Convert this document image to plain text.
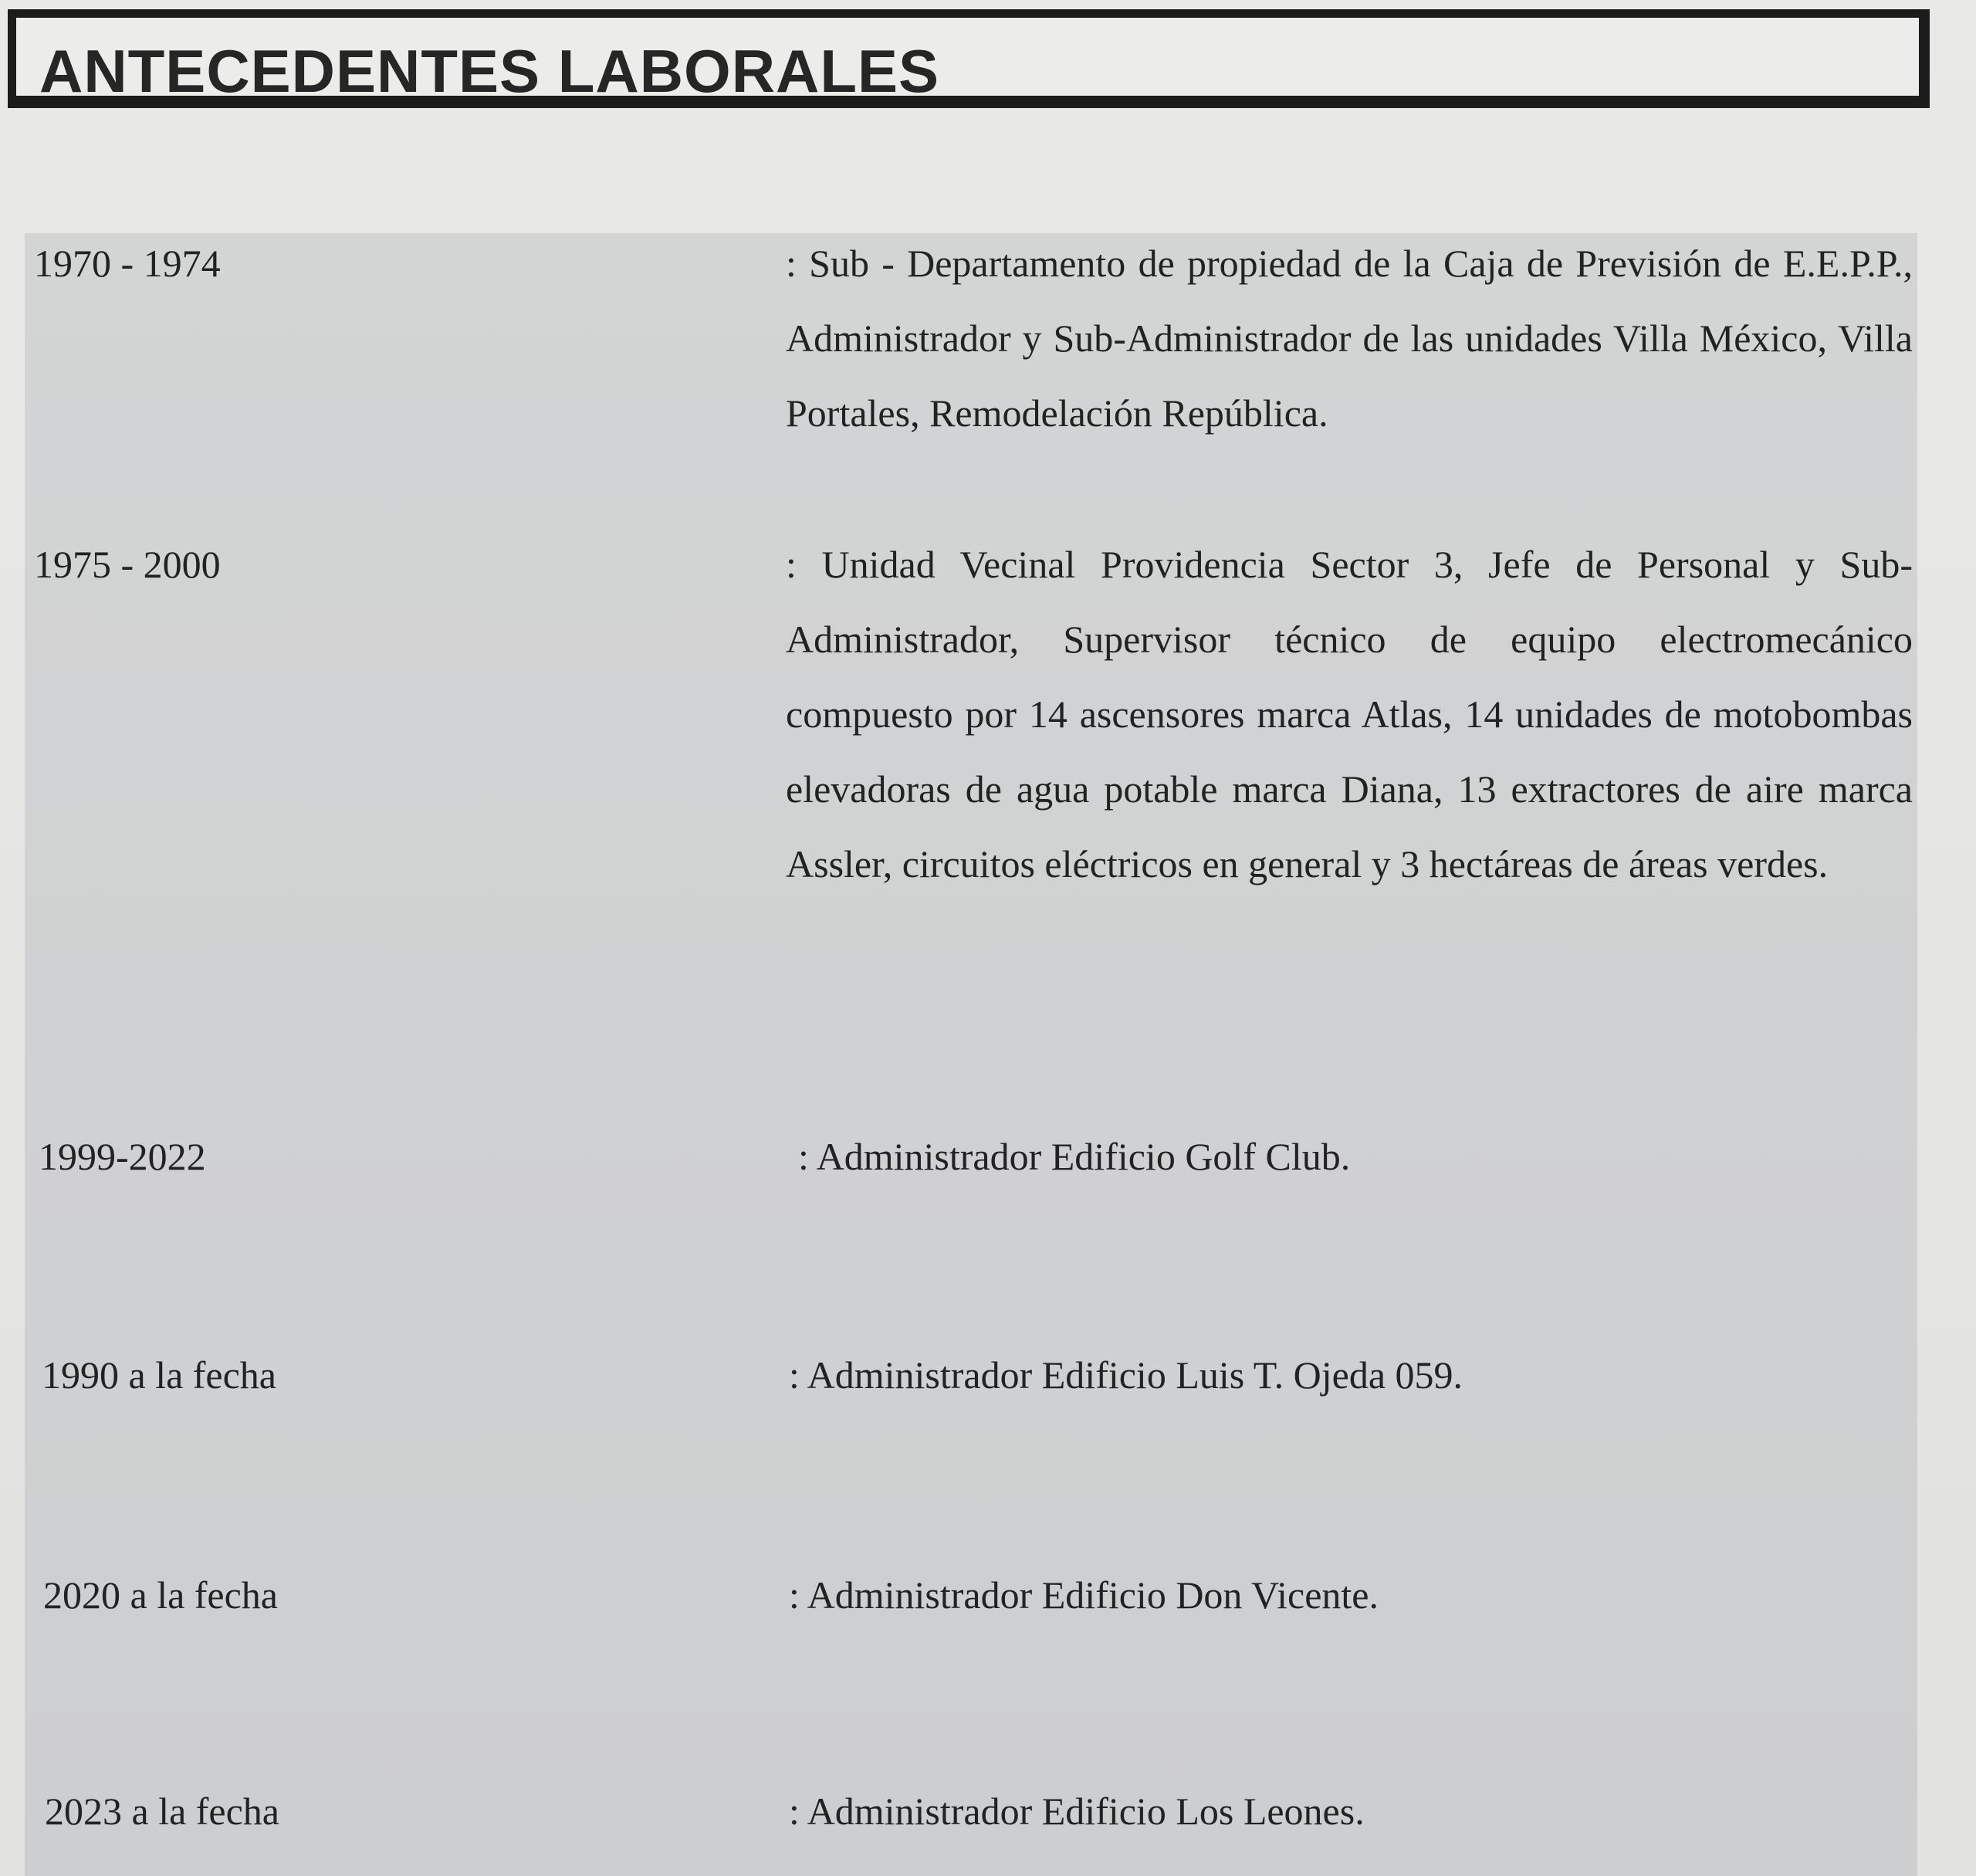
ANTECEDENTES LABORALES
1970 - 1974	: Sub - Departamento de propiedad de la Caja de Previsión de E.E.P.P., Administrador y Sub-Administrador de las unidades Villa México, Villa Portales, Remodelación República.
1975 - 2000	: Unidad Vecinal Providencia Sector 3, Jefe de Personal y Sub-Administrador, Supervisor técnico de equipo electromecánico compuesto por 14 ascensores marca Atlas, 14 unidades de motobombas elevadoras de agua potable marca Diana, 13 extractores de aire marca Assler, circuitos eléctricos en general y 3 hectáreas de áreas verdes.
1999-2022	: Administrador Edificio Golf Club.
1990 a la fecha	: Administrador Edificio Luis T. Ojeda 059.
2020 a la fecha	: Administrador Edificio Don Vicente.
2023 a la fecha	: Administrador Edificio Los Leones.
